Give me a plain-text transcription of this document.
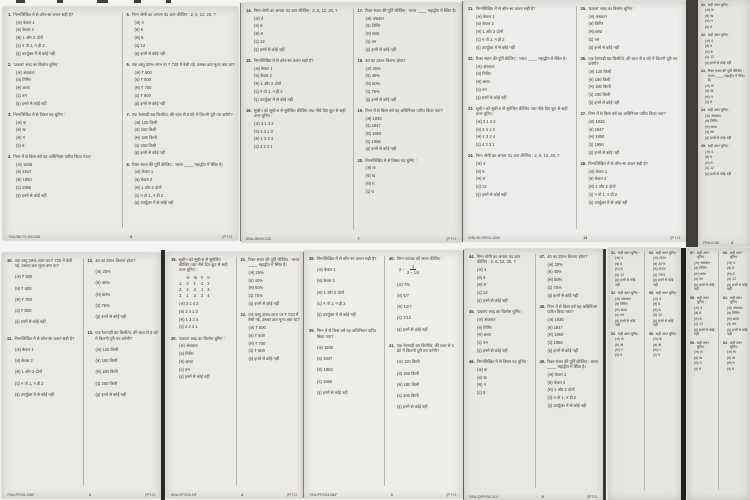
1. निम्नलिखित में से कौन-सा कथन सही है?
(अ) केवल 1
(ब) केवल 2
(स) 1 और 2 दोनों
(द) न तो 1, न ही 2
(इ) उपर्युक्त में से कोई नहीं
2. 'प्रकाश' शब्द का विलोम चुनिए :
(अ) अंधकार
(ब) तिमिर
(स) छाया
(द) तम
(इ) इनमें से कोई नहीं
3. निम्नलिखित में से विषम पद चुनिए :
(अ) क
(ब) ख
(स) ग
(द) घ
4. निम्न में से किस वर्ष यह अधिनियम पारित किया गया?
(अ) 1935
(ब) 1947
(स) 1950
(द) 1956
(इ) इनमें से कोई नहीं
5. निम्न श्रेणी का अगला पद ज्ञात कीजिए : 2, 6, 12, 20, ?
(अ) 4
(ब) 6
(स) 8
(द) 12
(इ) इनमें से कोई नहीं
6. एक वस्तु 20% लाभ पर ₹ 720 में बेची गई, उसका क्रय मूल्य क्या था?
(अ) ₹ 500
(ब) ₹ 600
(स) ₹ 750
(द) ₹ 800
(इ) इनमें से कोई नहीं
7. एक रेलगाड़ी 60 किमी/घं. की चाल से 3 घंटे में कितनी दूरी तय करेगी?
(अ) 120 किमी
(ब) 150 किमी
(स) 180 किमी
(द) 200 किमी
(इ) इनमें से कोई नहीं
8. रिक्त स्थान की पूर्ति कीजिए : भारत ____ महाद्वीप में स्थित है।
(अ) केवल 1
(ब) केवल 2
(स) 1 और 2 दोनों
(द) न तो 1, न ही 2
(इ) उपर्युक्त में से कोई नहीं
7/NL/BE/79-IV/1206	8	[P.T.O.
14. निम्न श्रेणी का अगला पद ज्ञात कीजिए : 2, 6, 12, 20, ?
(अ) 4
(ब) 6
(स) 8
(द) 12
(इ) इनमें से कोई नहीं
15. निम्नलिखित में से कौन-सा कथन सही है?
(अ) केवल 1
(ब) केवल 2
(स) 1 और 2 दोनों
(द) न तो 1, न ही 2
(इ) उपर्युक्त में से कोई नहीं
16. सूची-I को सूची-II से सुमेलित कीजिए तथा नीचे दिए कूट से सही उत्तर चुनिए :
(अ) 3 1 4 2
(ब) 2 4 1 3
(स) 1 3 2 4
(द) 4 2 3 1
17. रिक्त स्थान की पूर्ति कीजिए : भारत ____ महाद्वीप में स्थित है।
(अ) अंधकार
(ब) तिमिर
(स) छाया
(द) तम
(इ) इनमें से कोई नहीं
18. 40 का 25% कितना होगा?
(अ) 25%
(ब) 40%
(स) 50%
(द) 75%
(इ) इनमें से कोई नहीं
19. निम्न में से किस वर्ष यह अधिनियम पारित किया गया?
(अ) 1935
(ब) 1947
(स) 1950
(द) 1956
(इ) इनमें से कोई नहीं
20. निम्नलिखित में से विषम पद चुनिए :
(अ) क
(ब) ख
(स) ग
(द) घ
6/NL/JB/05-233	7	[P.T.O.
21. निम्नलिखित में से कौन-सा कथन सही है?
(अ) केवल 1
(ब) केवल 2
(स) 1 और 2 दोनों
(द) न तो 1, न ही 2
(इ) उपर्युक्त में से कोई नहीं
22. रिक्त स्थान की पूर्ति कीजिए : भारत ____ महाद्वीप में स्थित है।
(अ) अंधकार
(ब) तिमिर
(स) छाया
(द) तम
(इ) इनमें से कोई नहीं
23. सूची-I को सूची-II से सुमेलित कीजिए तथा नीचे दिए कूट से सही उत्तर चुनिए :
(अ) 3 1 4 2
(ब) 2 4 1 3
(स) 1 3 2 4
(द) 4 2 3 1
24. निम्न श्रेणी का अगला पद ज्ञात कीजिए : 2, 6, 12, 20, ?
(अ) 4
(ब) 6
(स) 8
(द) 12
(इ) इनमें से कोई नहीं
25. 'प्रकाश' शब्द का विलोम चुनिए :
(अ) अंधकार
(ब) तिमिर
(स) छाया
(द) तम
(इ) इनमें से कोई नहीं
26. एक रेलगाड़ी 60 किमी/घं. की चाल से 3 घंटे में कितनी दूरी तय करेगी?
(अ) 120 किमी
(ब) 150 किमी
(स) 180 किमी
(द) 200 किमी
(इ) इनमें से कोई नहीं
27. निम्न में से किस वर्ष यह अधिनियम पारित किया गया?
(अ) 1935
(ब) 1947
(स) 1950
(द) 1956
(इ) इनमें से कोई नहीं
28. निम्नलिखित में से कौन-सा कथन सही है?
(अ) केवल 1
(ब) केवल 2
(स) 1 और 2 दोनों
(द) न तो 1, न ही 2
(इ) उपर्युक्त में से कोई नहीं
D/NL/5C/PR/4-1069	13	[P.T.O.
41. सही उत्तर चुनिए :
(अ) क
(ब) ख
(स) ग
(द) घ
42. सही उत्तर चुनिए :
(अ) 4
(ब) 6
(स) 8
(द) 12
(इ) इनमें से कोई नहीं
43. रिक्त स्थान की पूर्ति कीजिए : भारत ____ महाद्वीप में स्थित है।
(अ) क
(ब) ख
(स) ग
(द) घ
44. सही उत्तर चुनिए :
(अ) अंधकार
(ब) तिमिर
(स) छाया
(द) तम
(इ) इनमें से कोई नहीं
45. सही उत्तर चुनिए :
(अ) 4
(ब) 6
(स) 8
(द) 12
(इ) इनमें से कोई नहीं
P/NL/2-06	4
10. एक वस्तु 20% लाभ पर ₹ 720 में बेची गई, उसका क्रय मूल्य क्या था?
(अ) ₹ 500
(ब) ₹ 600
(स) ₹ 750
(द) ₹ 800
(इ) इनमें से कोई नहीं
11. निम्नलिखित में से कौन-सा कथन सही है?
(अ) केवल 1
(ब) केवल 2
(स) 1 और 2 दोनों
(द) न तो 1, न ही 2
(इ) उपर्युक्त में से कोई नहीं
12. 40 का 25% कितना होगा?
(अ) 25%
(ब) 40%
(स) 50%
(द) 75%
(इ) इनमें से कोई नहीं
13. एक रेलगाड़ी 60 किमी/घं. की चाल से 3 घंटे में कितनी दूरी तय करेगी?
(अ) 120 किमी
(ब) 150 किमी
(स) 180 किमी
(द) 200 किमी
(इ) इनमें से कोई नहीं
7/NL/PF/05-238F	2	[P.T.O.
19. सूची-I को सूची-II से सुमेलित कीजिए तथा नीचे दिए कूट से सही उत्तर चुनिए :
क ख ग घ
1. 3 1 4 2
2. 2 4 1 3
3. 1 3 2 4
(अ) 3 1 4 2
(ब) 2 4 1 3
(स) 1 3 2 4
(द) 4 2 3 1
20. 'प्रकाश' शब्द का विलोम चुनिए :
(अ) अंधकार
(ब) तिमिर
(स) छाया
(द) तम
(इ) इनमें से कोई नहीं
21. रिक्त स्थान की पूर्ति कीजिए : भारत ____ महाद्वीप में स्थित है।
(अ) 25%
(ब) 40%
(स) 50%
(द) 75%
(इ) इनमें से कोई नहीं
22. एक वस्तु 20% लाभ पर ₹ 720 में बेची गई, उसका क्रय मूल्य क्या था?
(अ) ₹ 500
(ब) ₹ 600
(स) ₹ 750
(द) ₹ 800
(इ) इनमें से कोई नहीं
6/NL/JP/235-NF	4	[P.T.O.
38. निम्नलिखित में से कौन-सा कथन सही है?
(अ) केवल 1
(ब) केवल 2
(स) 1 और 2 दोनों
(द) न तो 1, न ही 2
(इ) उपर्युक्त में से कोई नहीं
39. निम्न में से किस वर्ष यह अधिनियम पारित किया गया?
(अ) 1935
(ब) 1947
(स) 1950
(द) 1956
(इ) इनमें से कोई नहीं
40. निम्न व्यंजक को सरल कीजिए :
$2 - \frac{1}{3 - 1/4}$
(अ) 7/5
(ब) 5/7
(स) 12/7
(द) 7/12
(इ) इनमें से कोई नहीं
41. एक रेलगाड़ी 60 किमी/घं. की चाल से 3 घंटे में कितनी दूरी तय करेगी?
(अ) 120 किमी
(ब) 150 किमी
(स) 180 किमी
(द) 200 किमी
(इ) इनमें से कोई नहीं
7/NL/PF/233-B&F	1	[P.T.O.
44. निम्न श्रेणी का अगला पद ज्ञात कीजिए : 2, 6, 12, 20, ?
(अ) 4
(ब) 6
(स) 8
(द) 12
(इ) इनमें से कोई नहीं
45. 'प्रकाश' शब्द का विलोम चुनिए :
(अ) अंधकार
(ब) तिमिर
(स) छाया
(द) तम
(इ) इनमें से कोई नहीं
46. निम्नलिखित में से विषम पद चुनिए :
(अ) क
(ब) ख
(स) ग
(द) घ
47. 40 का 25% कितना होगा?
(अ) 25%
(ब) 40%
(स) 50%
(द) 75%
(इ) इनमें से कोई नहीं
48. निम्न में से किस वर्ष यह अधिनियम पारित किया गया?
(अ) 1935
(ब) 1947
(स) 1950
(द) 1956
(इ) इनमें से कोई नहीं
49. रिक्त स्थान की पूर्ति कीजिए : भारत ____ महाद्वीप में स्थित है।
(अ) केवल 1
(ब) केवल 2
(स) 1 और 2 दोनों
(द) न तो 1, न ही 2
(इ) उपर्युक्त में से कोई नहीं
S/NL/QPR/06-114	9	[P.T.O.
51. सही उत्तर चुनिए :
(अ) 4
(ब) 6
(स) 8
(द) 12
(इ) इनमें से कोई नहीं
52. सही उत्तर चुनिए :
(अ) अंधकार
(ब) तिमिर
(स) छाया
(द) तम
(इ) इनमें से कोई नहीं
53. सही उत्तर चुनिए :
(अ) क
(ब) ख
(स) ग
(द) घ
54. सही उत्तर चुनिए :
(अ) 25%
(ब) 40%
(स) 50%
(द) 75%
(इ) इनमें से कोई नहीं
55. सही उत्तर चुनिए :
(अ) 4
(ब) 6
(स) 8
(द) 12
(इ) इनमें से कोई नहीं
56. सही उत्तर चुनिए :
(अ) क
(ब) ख
(स) ग
(द) घ
57. सही उत्तर चुनिए :
(अ) अंधकार
(ब) तिमिर
(स) छाया
(द) तम
(इ) इनमें से कोई नहीं
58. सही उत्तर चुनिए :
(अ) 4
(ब) 6
(स) 8
(द) 12
(इ) इनमें से कोई नहीं
59. सही उत्तर चुनिए :
(अ) क
(ब) ख
(स) ग
(द) घ
60. सही उत्तर चुनिए :
(अ) 4
(ब) 6
(स) 8
(द) 12
(इ) इनमें से कोई नहीं
61. सही उत्तर चुनिए :
(अ) अंधकार
(ब) तिमिर
(स) छाया
(द) तम
(इ) इनमें से कोई नहीं
62. सही उत्तर चुनिए :
(अ) क
(ब) ख
(स) ग
(द) घ
